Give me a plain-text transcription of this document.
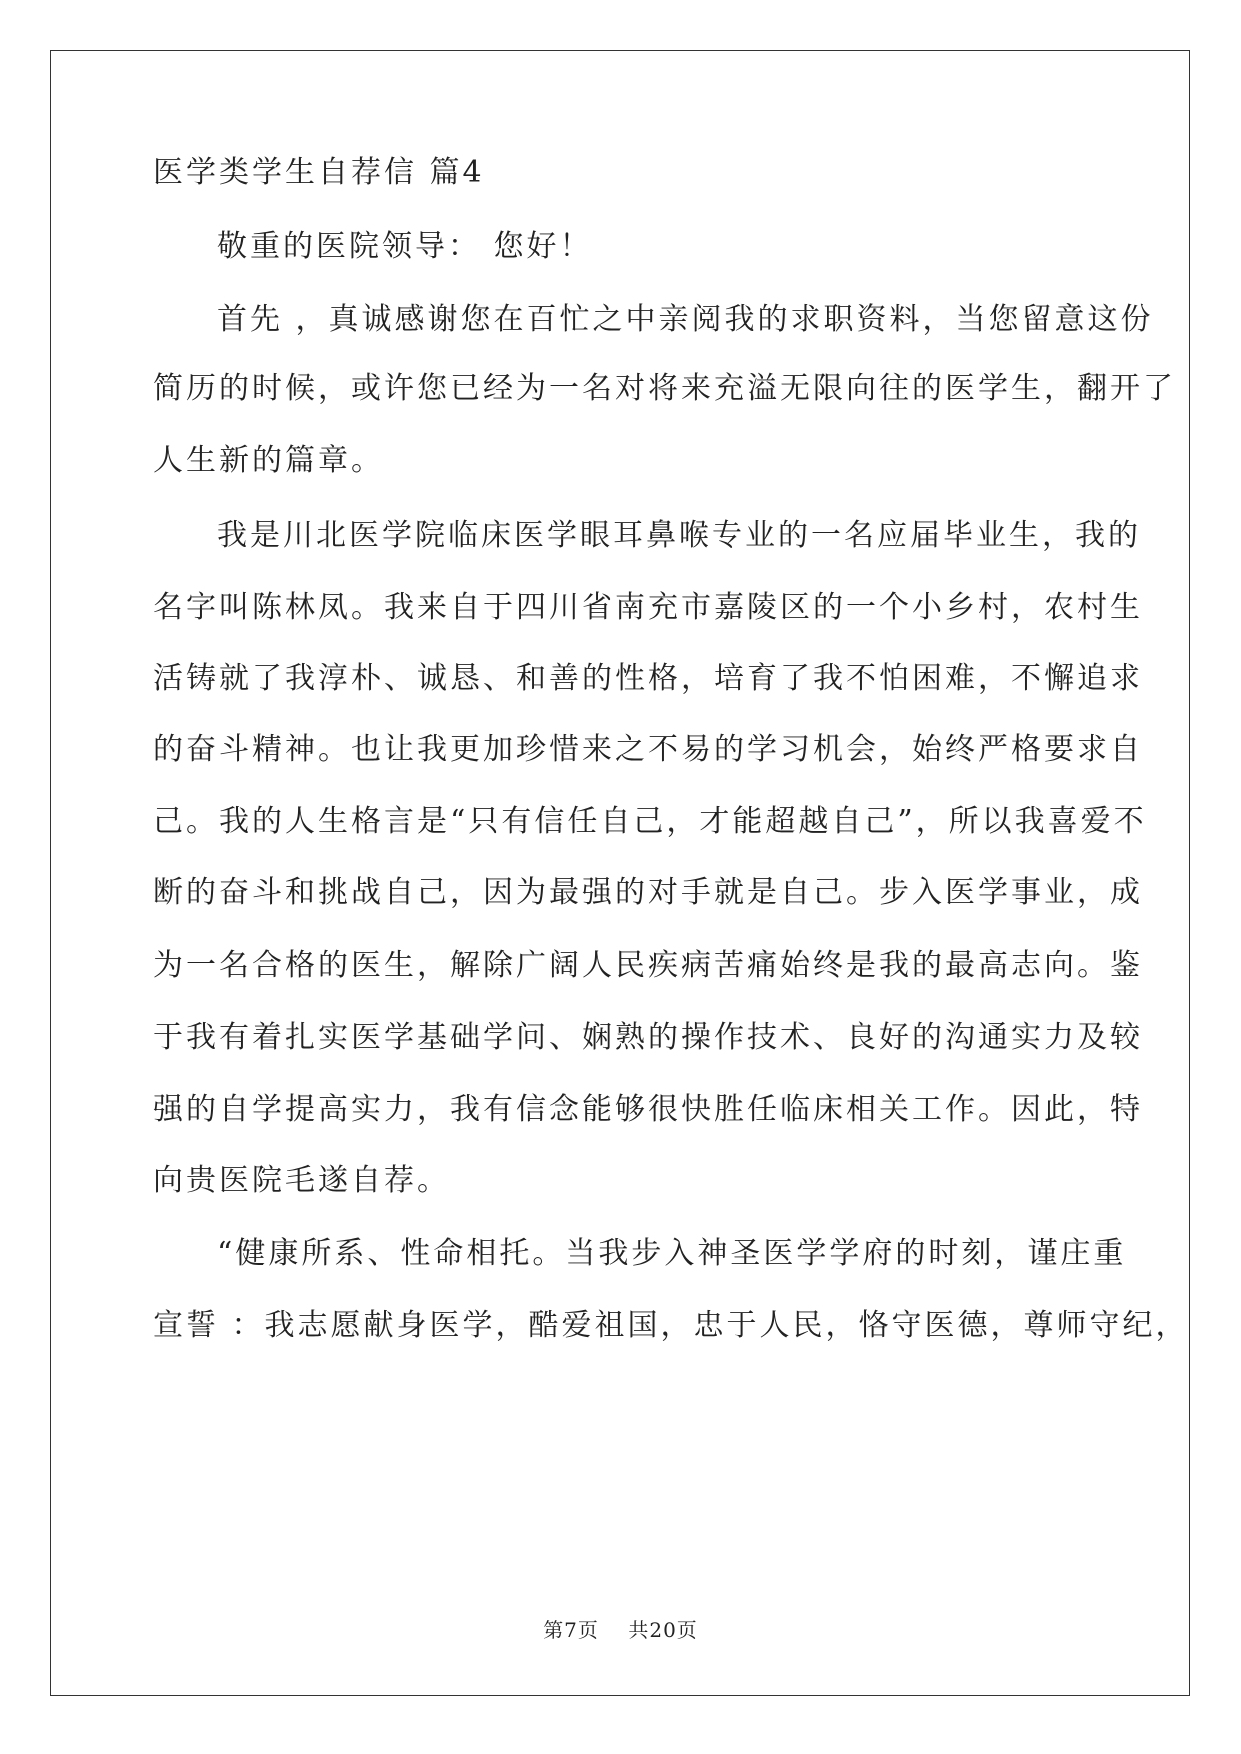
医学类学生自荐信 篇4
敬重的医院领导： 您好！
首先 ，真诚感谢您在百忙之中亲阅我的求职资料，当您留意这份
简历的时候，或许您已经为一名对将来充溢无限向往的医学生，翻开了
人生新的篇章。
我是川北医学院临床医学眼耳鼻喉专业的一名应届毕业生，我的
名字叫陈林凤。我来自于四川省南充市嘉陵区的一个小乡村，农村生
活铸就了我淳朴、诚恳、和善的性格，培育了我不怕困难，不懈追求
的奋斗精神。也让我更加珍惜来之不易的学习机会，始终严格要求自
己。我的人生格言是“只有信任自己，才能超越自己”，所以我喜爱不
断的奋斗和挑战自己，因为最强的对手就是自己。步入医学事业，成
为一名合格的医生，解除广阔人民疾病苦痛始终是我的最高志向。鉴
于我有着扎实医学基础学问、娴熟的操作技术、良好的沟通实力及较
强的自学提高实力，我有信念能够很快胜任临床相关工作。因此，特
向贵医院毛遂自荐。
“健康所系、性命相托。当我步入神圣医学学府的时刻，谨庄重
宣誓 ：我志愿献身医学，酷爱祖国，忠于人民，恪守医德，尊师守纪，
第7页    共20页
